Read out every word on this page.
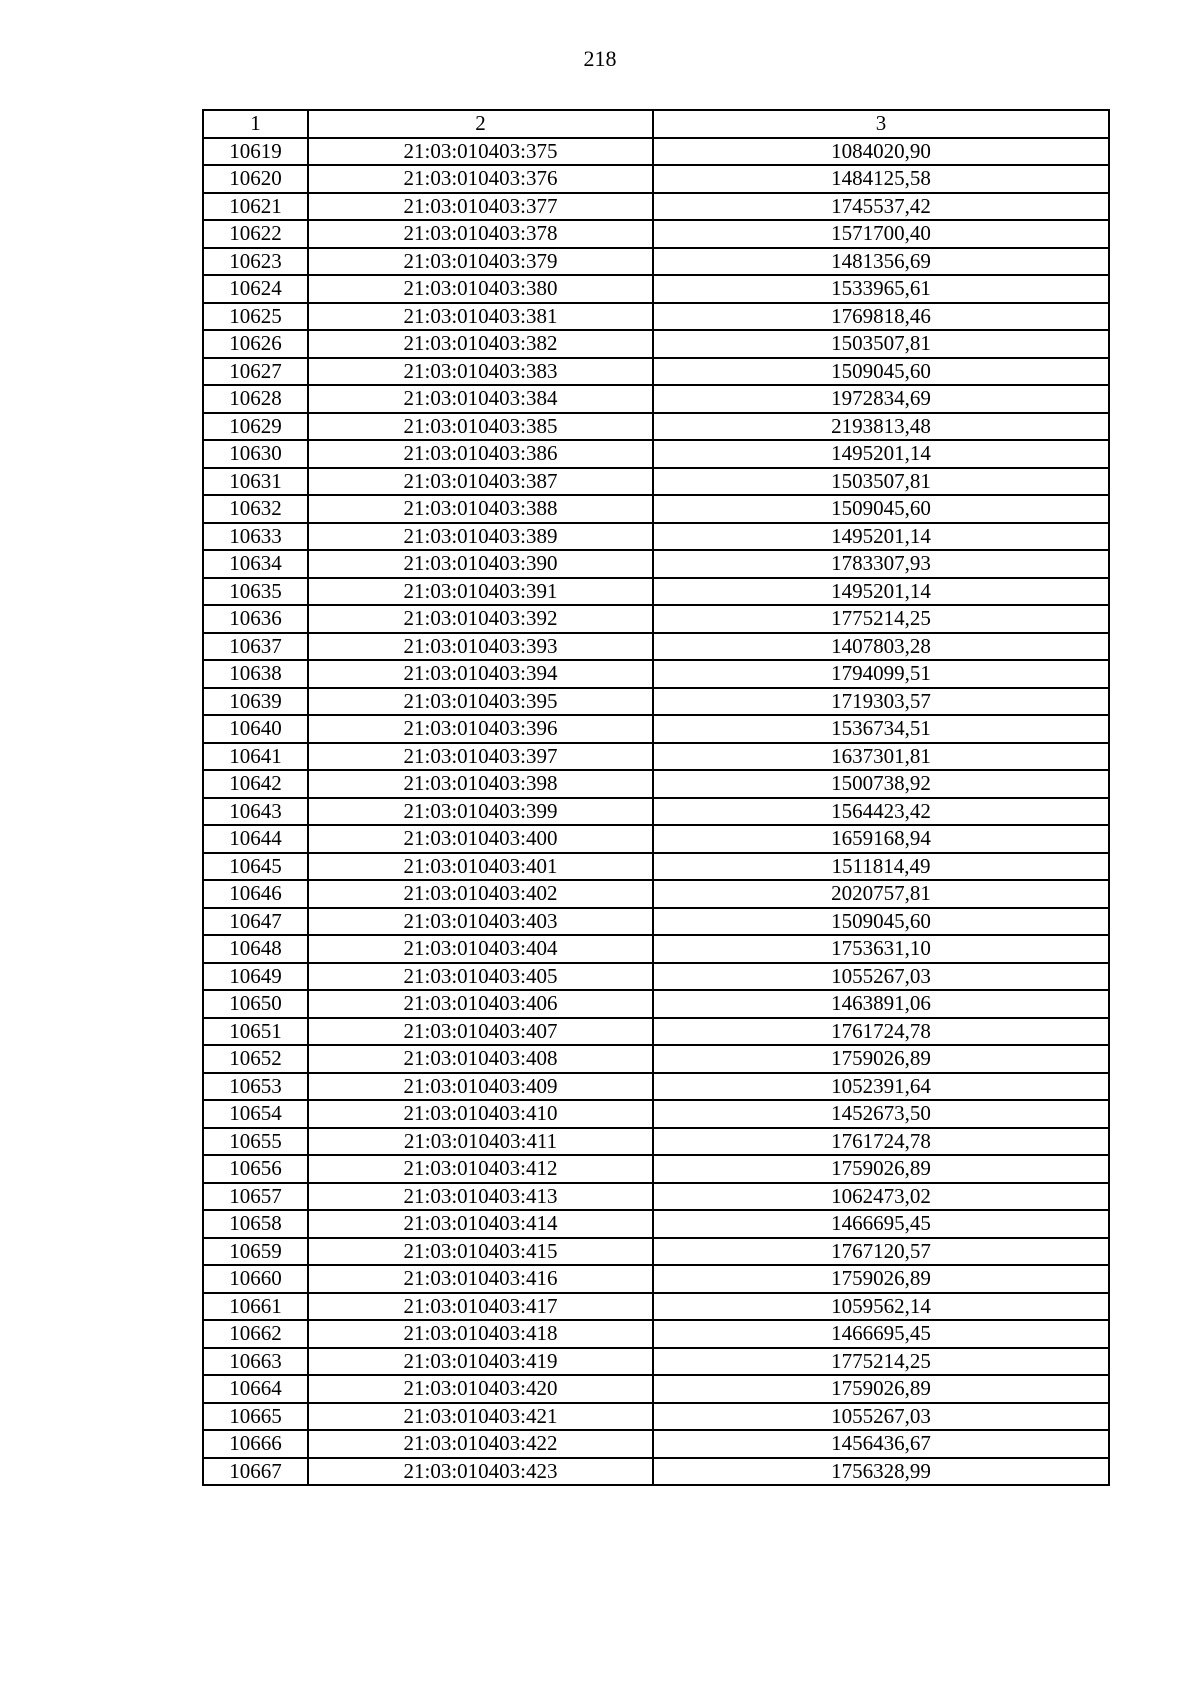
218
1	2	3
10619	21:03:010403:375	1084020,90
10620	21:03:010403:376	1484125,58
10621	21:03:010403:377	1745537,42
10622	21:03:010403:378	1571700,40
10623	21:03:010403:379	1481356,69
10624	21:03:010403:380	1533965,61
10625	21:03:010403:381	1769818,46
10626	21:03:010403:382	1503507,81
10627	21:03:010403:383	1509045,60
10628	21:03:010403:384	1972834,69
10629	21:03:010403:385	2193813,48
10630	21:03:010403:386	1495201,14
10631	21:03:010403:387	1503507,81
10632	21:03:010403:388	1509045,60
10633	21:03:010403:389	1495201,14
10634	21:03:010403:390	1783307,93
10635	21:03:010403:391	1495201,14
10636	21:03:010403:392	1775214,25
10637	21:03:010403:393	1407803,28
10638	21:03:010403:394	1794099,51
10639	21:03:010403:395	1719303,57
10640	21:03:010403:396	1536734,51
10641	21:03:010403:397	1637301,81
10642	21:03:010403:398	1500738,92
10643	21:03:010403:399	1564423,42
10644	21:03:010403:400	1659168,94
10645	21:03:010403:401	1511814,49
10646	21:03:010403:402	2020757,81
10647	21:03:010403:403	1509045,60
10648	21:03:010403:404	1753631,10
10649	21:03:010403:405	1055267,03
10650	21:03:010403:406	1463891,06
10651	21:03:010403:407	1761724,78
10652	21:03:010403:408	1759026,89
10653	21:03:010403:409	1052391,64
10654	21:03:010403:410	1452673,50
10655	21:03:010403:411	1761724,78
10656	21:03:010403:412	1759026,89
10657	21:03:010403:413	1062473,02
10658	21:03:010403:414	1466695,45
10659	21:03:010403:415	1767120,57
10660	21:03:010403:416	1759026,89
10661	21:03:010403:417	1059562,14
10662	21:03:010403:418	1466695,45
10663	21:03:010403:419	1775214,25
10664	21:03:010403:420	1759026,89
10665	21:03:010403:421	1055267,03
10666	21:03:010403:422	1456436,67
10667	21:03:010403:423	1756328,99
